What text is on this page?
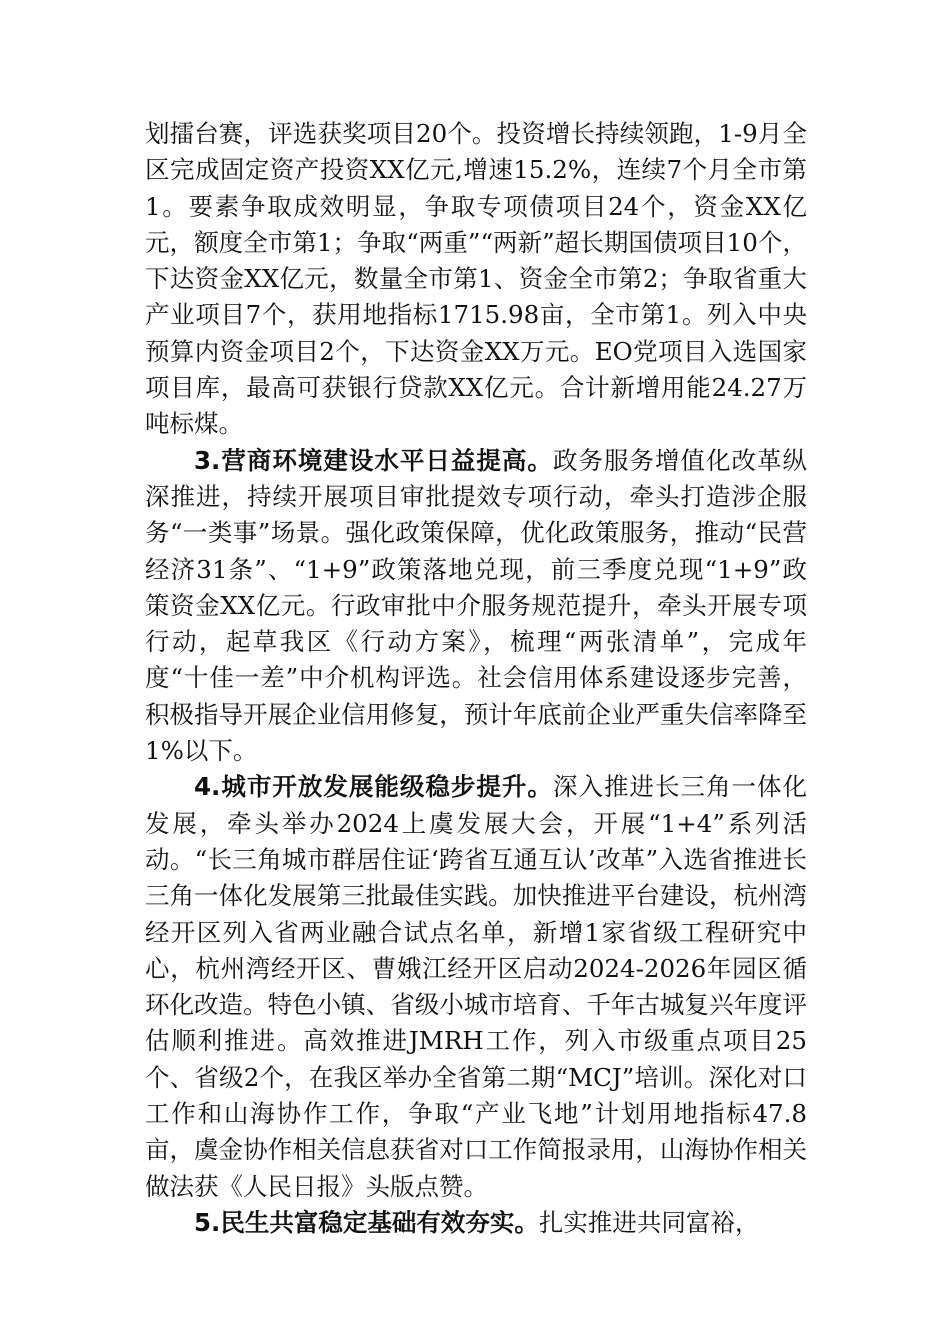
划擂台赛，评选获奖项目20个。投资增长持续领跑，1-9月全区完成固定资产投资XX亿元,增速15.2%，连续7个月全市第1。要素争取成效明显，争取专项债项目24个，资金XX亿元，额度全市第1；争取“两重”“两新”超长期国债项目10个，下达资金XX亿元，数量全市第1、资金全市第2；争取省重大产业项目7个，获用地指标1715.98亩，全市第1。列入中央预算内资金项目2个，下达资金XX万元。EO党项目入选国家项目库，最高可获银行贷款XX亿元。合计新增用能24.27万吨标煤。

3.营商环境建设水平日益提高。政务服务增值化改革纵深推进，持续开展项目审批提效专项行动，牵头打造涉企服务“一类事”场景。强化政策保障，优化政策服务，推动“民营经济31条”、“1+9”政策落地兑现，前三季度兑现“1+9”政策资金XX亿元。行政审批中介服务规范提升，牵头开展专项行动，起草我区《行动方案》，梳理“两张清单”，完成年度“十佳一差”中介机构评选。社会信用体系建设逐步完善，积极指导开展企业信用修复，预计年底前企业严重失信率降至1%以下。

4.城市开放发展能级稳步提升。深入推进长三角一体化发展，牵头举办2024上虞发展大会，开展“1+4”系列活动。“长三角城市群居住证‘跨省互通互认’改革”入选省推进长三角一体化发展第三批最佳实践。加快推进平台建设，杭州湾经开区列入省两业融合试点名单，新增1家省级工程研究中心，杭州湾经开区、曹娥江经开区启动2024-2026年园区循环化改造。特色小镇、省级小城市培育、千年古城复兴年度评估顺利推进。高效推进JMRH工作，列入市级重点项目25个、省级2个，在我区举办全省第二期“MCJ”培训。深化对口工作和山海协作工作，争取“产业飞地”计划用地指标47.8亩，虞金协作相关信息获省对口工作简报录用，山海协作相关做法获《人民日报》头版点赞。

5.民生共富稳定基础有效夯实。扎实推进共同富裕，
